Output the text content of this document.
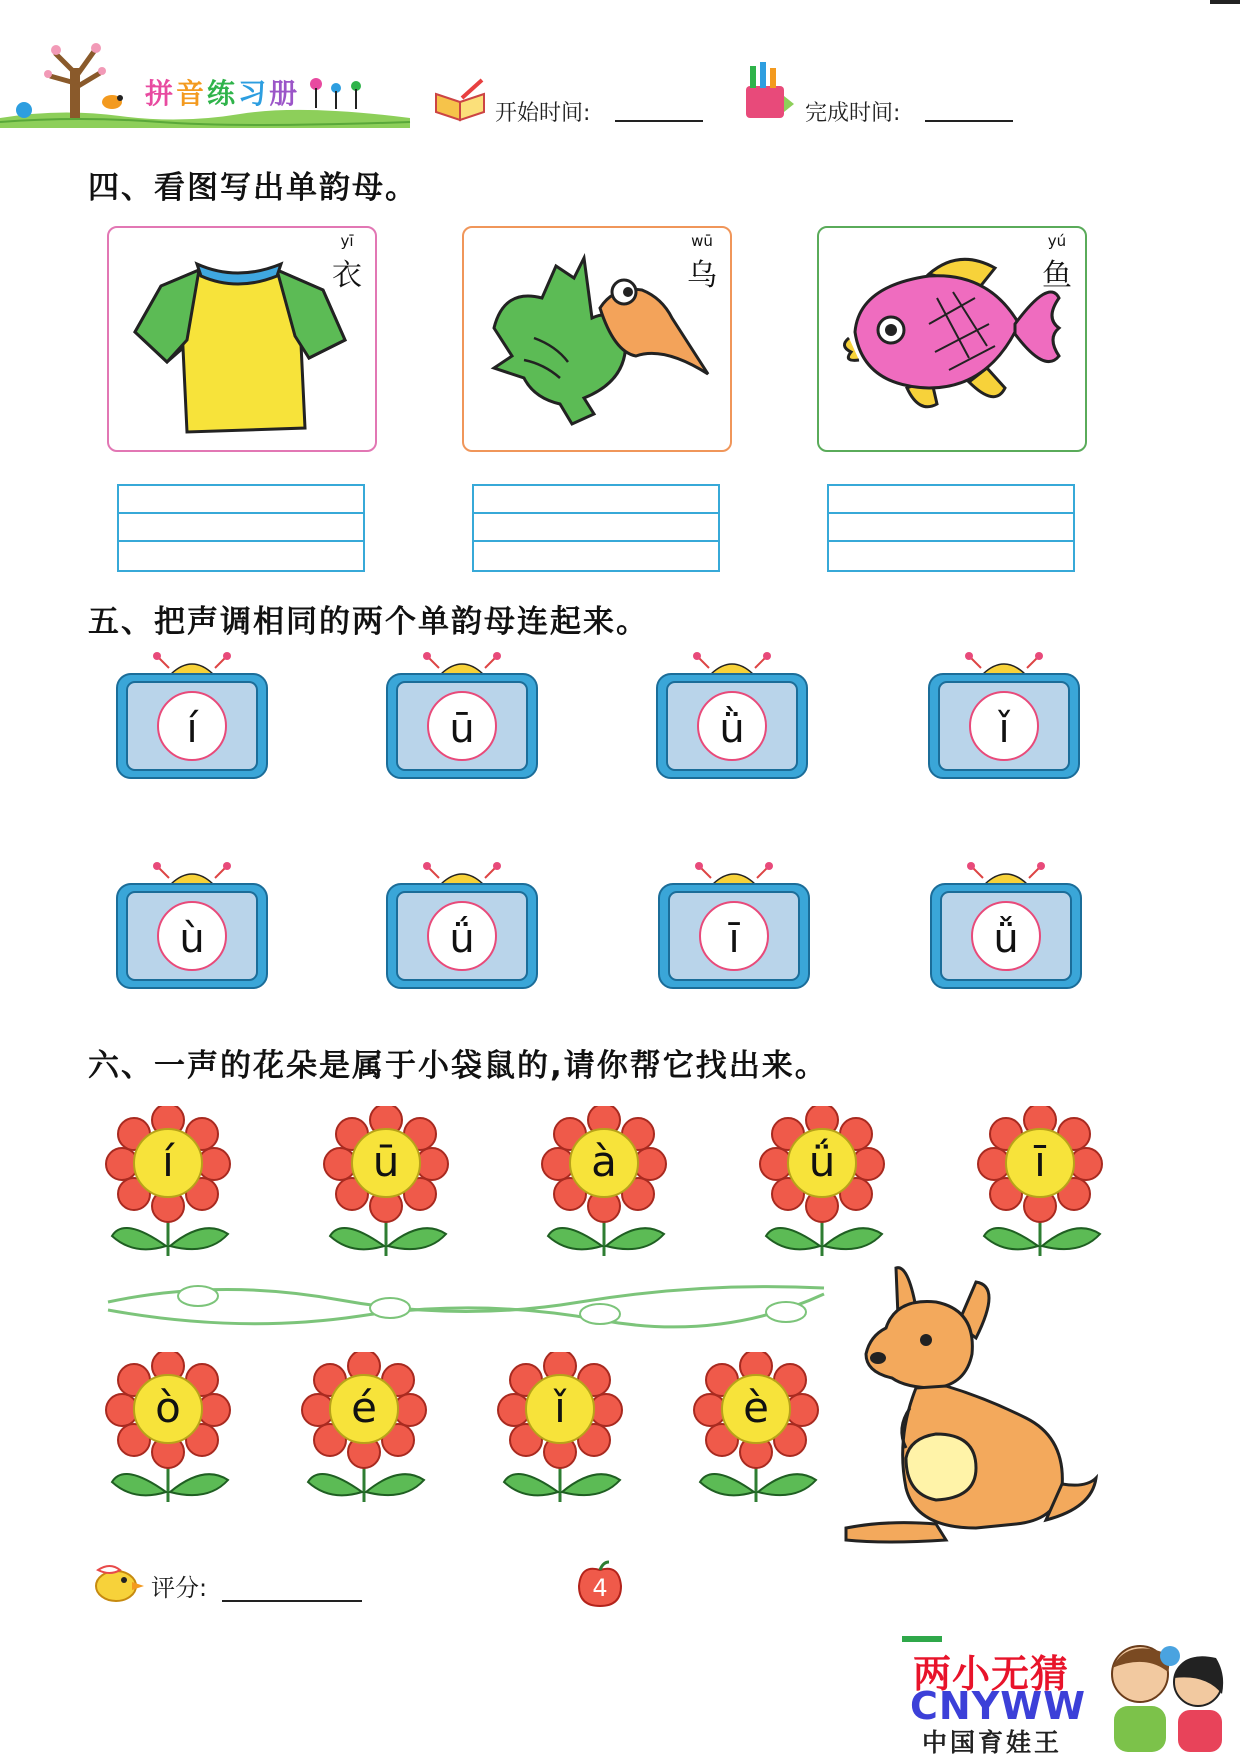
拼音练习册
开始时间:	完成时间:
四、看图写出单韵母。
yī
衣
wū
乌
yú
鱼
五、把声调相同的两个单韵母连起来。
í	ū	ǜ	ǐ
ù	ǘ	ī	ǚ
六、一声的花朵是属于小袋鼠的,请你帮它找出来。
í	ū	à	ǘ	ī
ò	é	ǐ	è
评分:	4
两小无猜
CNYWW
中国育娃王
